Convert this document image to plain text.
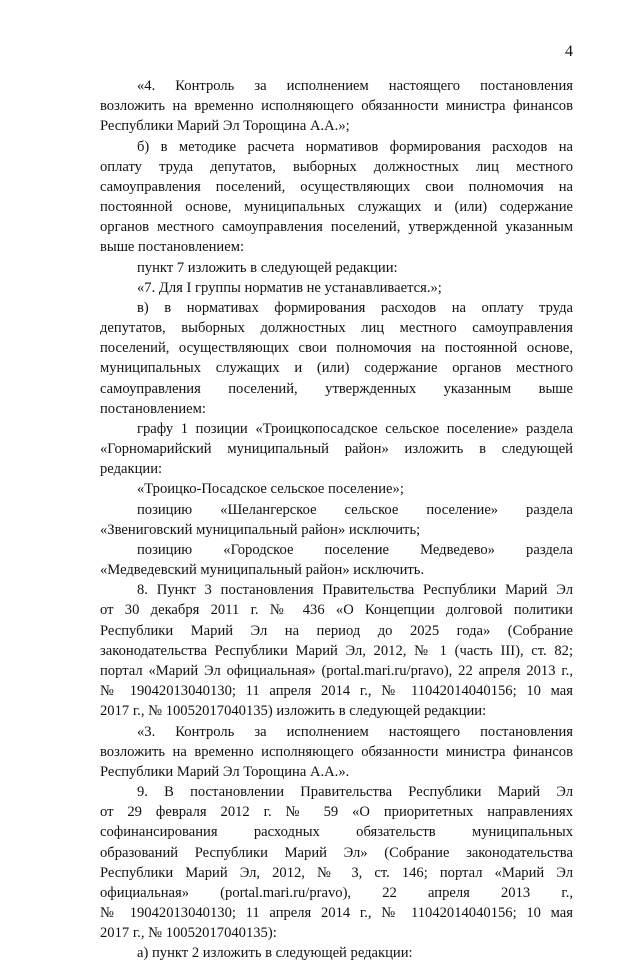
4
«4. Контроль за исполнением настоящего постановления
возложить на временно исполняющего обязанности министра финансов
Республики Марий Эл Торощина А.А.»;
б) в методике расчета нормативов формирования расходов на
оплату труда депутатов, выборных должностных лиц местного
самоуправления поселений, осуществляющих свои полномочия на
постоянной основе, муниципальных служащих и (или) содержание
органов местного самоуправления поселений, утвержденной указанным
выше постановлением:
пункт 7 изложить в следующей редакции:
«7. Для I группы норматив не устанавливается.»;
в) в нормативах формирования расходов на оплату труда
депутатов, выборных должностных лиц местного самоуправления
поселений, осуществляющих свои полномочия на постоянной основе,
муниципальных служащих и (или) содержание органов местного
самоуправления поселений, утвержденных указанным выше
постановлением:
графу 1 позиции «Троицкопосадское сельское поселение» раздела
«Горномарийский муниципальный район» изложить в следующей
редакции:
«Троицко-Посадское сельское поселение»;
позицию «Шелангерское сельское поселение» раздела
«Звениговский муниципальный район» исключить;
позицию «Городское поселение Медведево» раздела
«Медведевский муниципальный район» исключить.
8. Пункт 3 постановления Правительства Республики Марий Эл
от 30 декабря 2011 г. № 436 «О Концепции долговой политики
Республики Марий Эл на период до 2025 года» (Собрание
законодательства Республики Марий Эл, 2012, № 1 (часть III), ст. 82;
портал «Марий Эл официальная» (portal.mari.ru/pravo), 22 апреля 2013 г.,
№ 19042013040130; 11 апреля 2014 г., № 11042014040156; 10 мая
2017 г., № 10052017040135) изложить в следующей редакции:
«3. Контроль за исполнением настоящего постановления
возложить на временно исполняющего обязанности министра финансов
Республики Марий Эл Торощина А.А.».
9. В постановлении Правительства Республики Марий Эл
от 29 февраля 2012 г. № 59 «О приоритетных направлениях
софинансирования расходных обязательств муниципальных
образований Республики Марий Эл» (Собрание законодательства
Республики Марий Эл, 2012, № 3, ст. 146; портал «Марий Эл
официальная» (portal.mari.ru/pravo), 22 апреля 2013 г.,
№ 19042013040130; 11 апреля 2014 г., № 11042014040156; 10 мая
2017 г., № 10052017040135):
а) пункт 2 изложить в следующей редакции:
